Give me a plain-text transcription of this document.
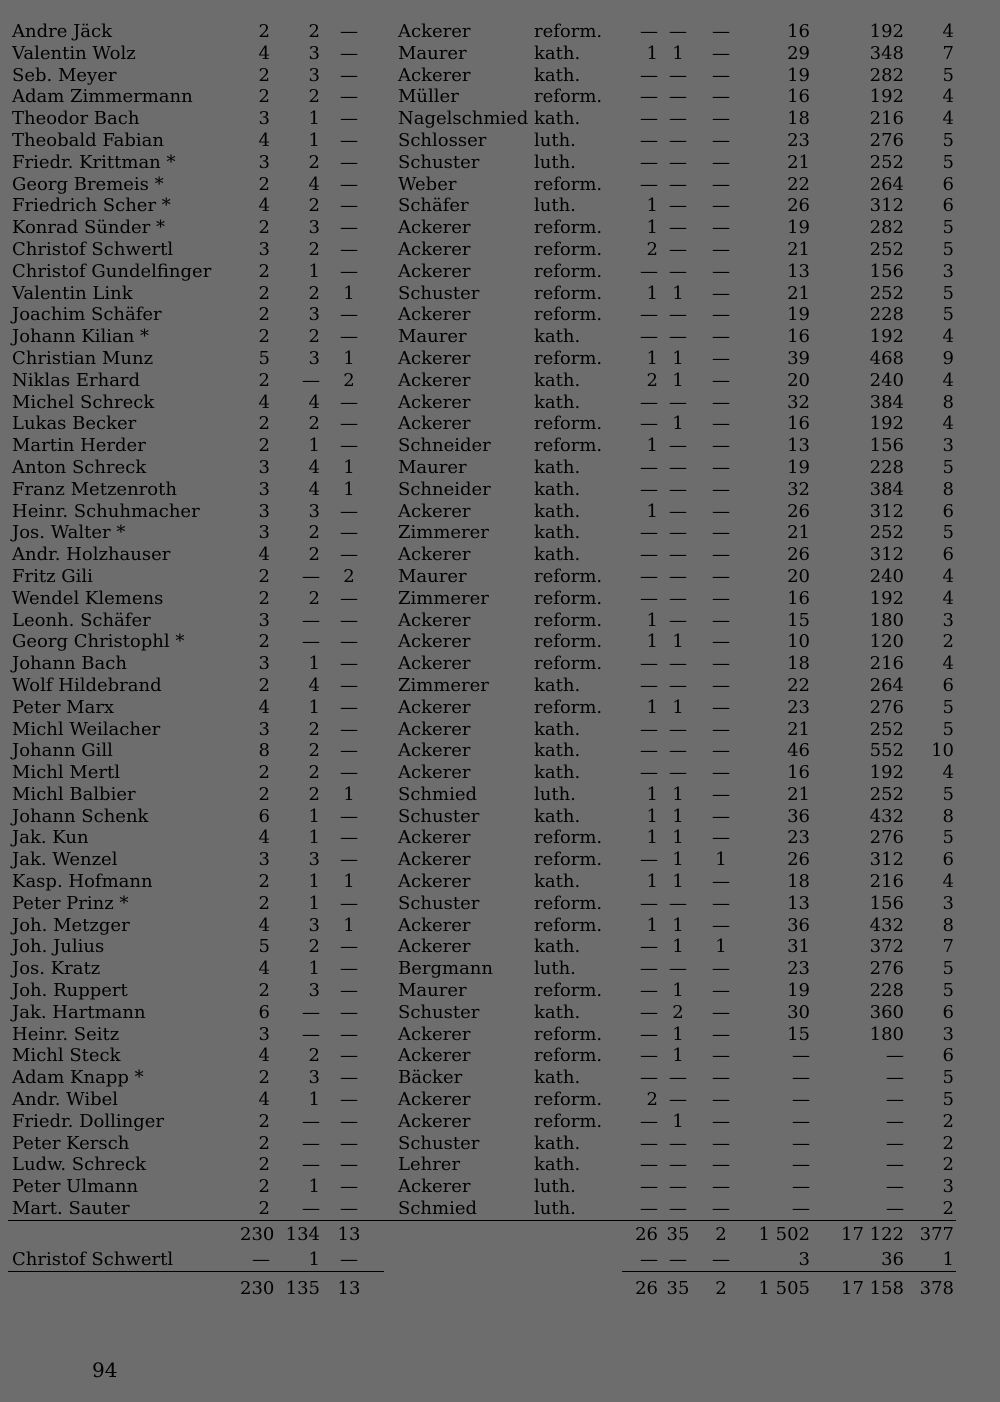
Andre Jäck	2	2	—	Ackerer	reform.	—	—	—	16	192	4
Valentin Wolz	4	3	—	Maurer	kath.	1	1	—	29	348	7
Seb. Meyer	2	3	—	Ackerer	kath.	—	—	—	19	282	5
Adam Zimmermann	2	2	—	Müller	reform.	—	—	—	16	192	4
Theodor Bach	3	1	—	Nagelschmied	kath.	—	—	—	18	216	4
Theobald Fabian	4	1	—	Schlosser	luth.	—	—	—	23	276	5
Friedr. Krittman *	3	2	—	Schuster	luth.	—	—	—	21	252	5
Georg Bremeis *	2	4	—	Weber	reform.	—	—	—	22	264	6
Friedrich Scher *	4	2	—	Schäfer	luth.	1	—	—	26	312	6
Konrad Sünder *	2	3	—	Ackerer	reform.	1	—	—	19	282	5
Christof Schwertl	3	2	—	Ackerer	reform.	2	—	—	21	252	5
Christof Gundelfinger	2	1	—	Ackerer	reform.	—	—	—	13	156	3
Valentin Link	2	2	1	Schuster	reform.	1	1	—	21	252	5
Joachim Schäfer	2	3	—	Ackerer	reform.	—	—	—	19	228	5
Johann Kilian *	2	2	—	Maurer	kath.	—	—	—	16	192	4
Christian Munz	5	3	1	Ackerer	reform.	1	1	—	39	468	9
Niklas Erhard	2	—	2	Ackerer	kath.	2	1	—	20	240	4
Michel Schreck	4	4	—	Ackerer	kath.	—	—	—	32	384	8
Lukas Becker	2	2	—	Ackerer	reform.	—	1	—	16	192	4
Martin Herder	2	1	—	Schneider	reform.	1	—	—	13	156	3
Anton Schreck	3	4	1	Maurer	kath.	—	—	—	19	228	5
Franz Metzenroth	3	4	1	Schneider	kath.	—	—	—	32	384	8
Heinr. Schuhmacher	3	3	—	Ackerer	kath.	1	—	—	26	312	6
Jos. Walter *	3	2	—	Zimmerer	kath.	—	—	—	21	252	5
Andr. Holzhauser	4	2	—	Ackerer	kath.	—	—	—	26	312	6
Fritz Gili	2	—	2	Maurer	reform.	—	—	—	20	240	4
Wendel Klemens	2	2	—	Zimmerer	reform.	—	—	—	16	192	4
Leonh. Schäfer	3	—	—	Ackerer	reform.	1	—	—	15	180	3
Georg Christophl *	2	—	—	Ackerer	reform.	1	1	—	10	120	2
Johann Bach	3	1	—	Ackerer	reform.	—	—	—	18	216	4
Wolf Hildebrand	2	4	—	Zimmerer	kath.	—	—	—	22	264	6
Peter Marx	4	1	—	Ackerer	reform.	1	1	—	23	276	5
Michl Weilacher	3	2	—	Ackerer	kath.	—	—	—	21	252	5
Johann Gill	8	2	—	Ackerer	kath.	—	—	—	46	552	10
Michl Mertl	2	2	—	Ackerer	kath.	—	—	—	16	192	4
Michl Balbier	2	2	1	Schmied	luth.	1	1	—	21	252	5
Johann Schenk	6	1	—	Schuster	kath.	1	1	—	36	432	8
Jak. Kun	4	1	—	Ackerer	reform.	1	1	—	23	276	5
Jak. Wenzel	3	3	—	Ackerer	reform.	—	1	1	26	312	6
Kasp. Hofmann	2	1	1	Ackerer	kath.	1	1	—	18	216	4
Peter Prinz *	2	1	—	Schuster	reform.	—	—	—	13	156	3
Joh. Metzger	4	3	1	Ackerer	reform.	1	1	—	36	432	8
Joh. Julius	5	2	—	Ackerer	kath.	—	1	1	31	372	7
Jos. Kratz	4	1	—	Bergmann	luth.	—	—	—	23	276	5
Joh. Ruppert	2	3	—	Maurer	reform.	—	1	—	19	228	5
Jak. Hartmann	6	—	—	Schuster	kath.	—	2	—	30	360	6
Heinr. Seitz	3	—	—	Ackerer	reform.	—	1	—	15	180	3
Michl Steck	4	2	—	Ackerer	reform.	—	1	—	—	—	6
Adam Knapp *	2	3	—	Bäcker	kath.	—	—	—	—	—	5
Andr. Wibel	4	1	—	Ackerer	reform.	2	—	—	—	—	5
Friedr. Dollinger	2	—	—	Ackerer	reform.	—	1	—	—	—	2
Peter Kersch	2	—	—	Schuster	kath.	—	—	—	—	—	2
Ludw. Schreck	2	—	—	Lehrer	kath.	—	—	—	—	—	2
Peter Ulmann	2	1	—	Ackerer	luth.	—	—	—	—	—	3
Mart. Sauter	2	—	—	Schmied	luth.	—	—	—	—	—	2
	230	134	13			26	35	2	1 502	17 122	377
Christof Schwertl	—	1	—			—	—	—	3	36	1
	230	135	13			26	35	2	1 505	17 158	378
94
